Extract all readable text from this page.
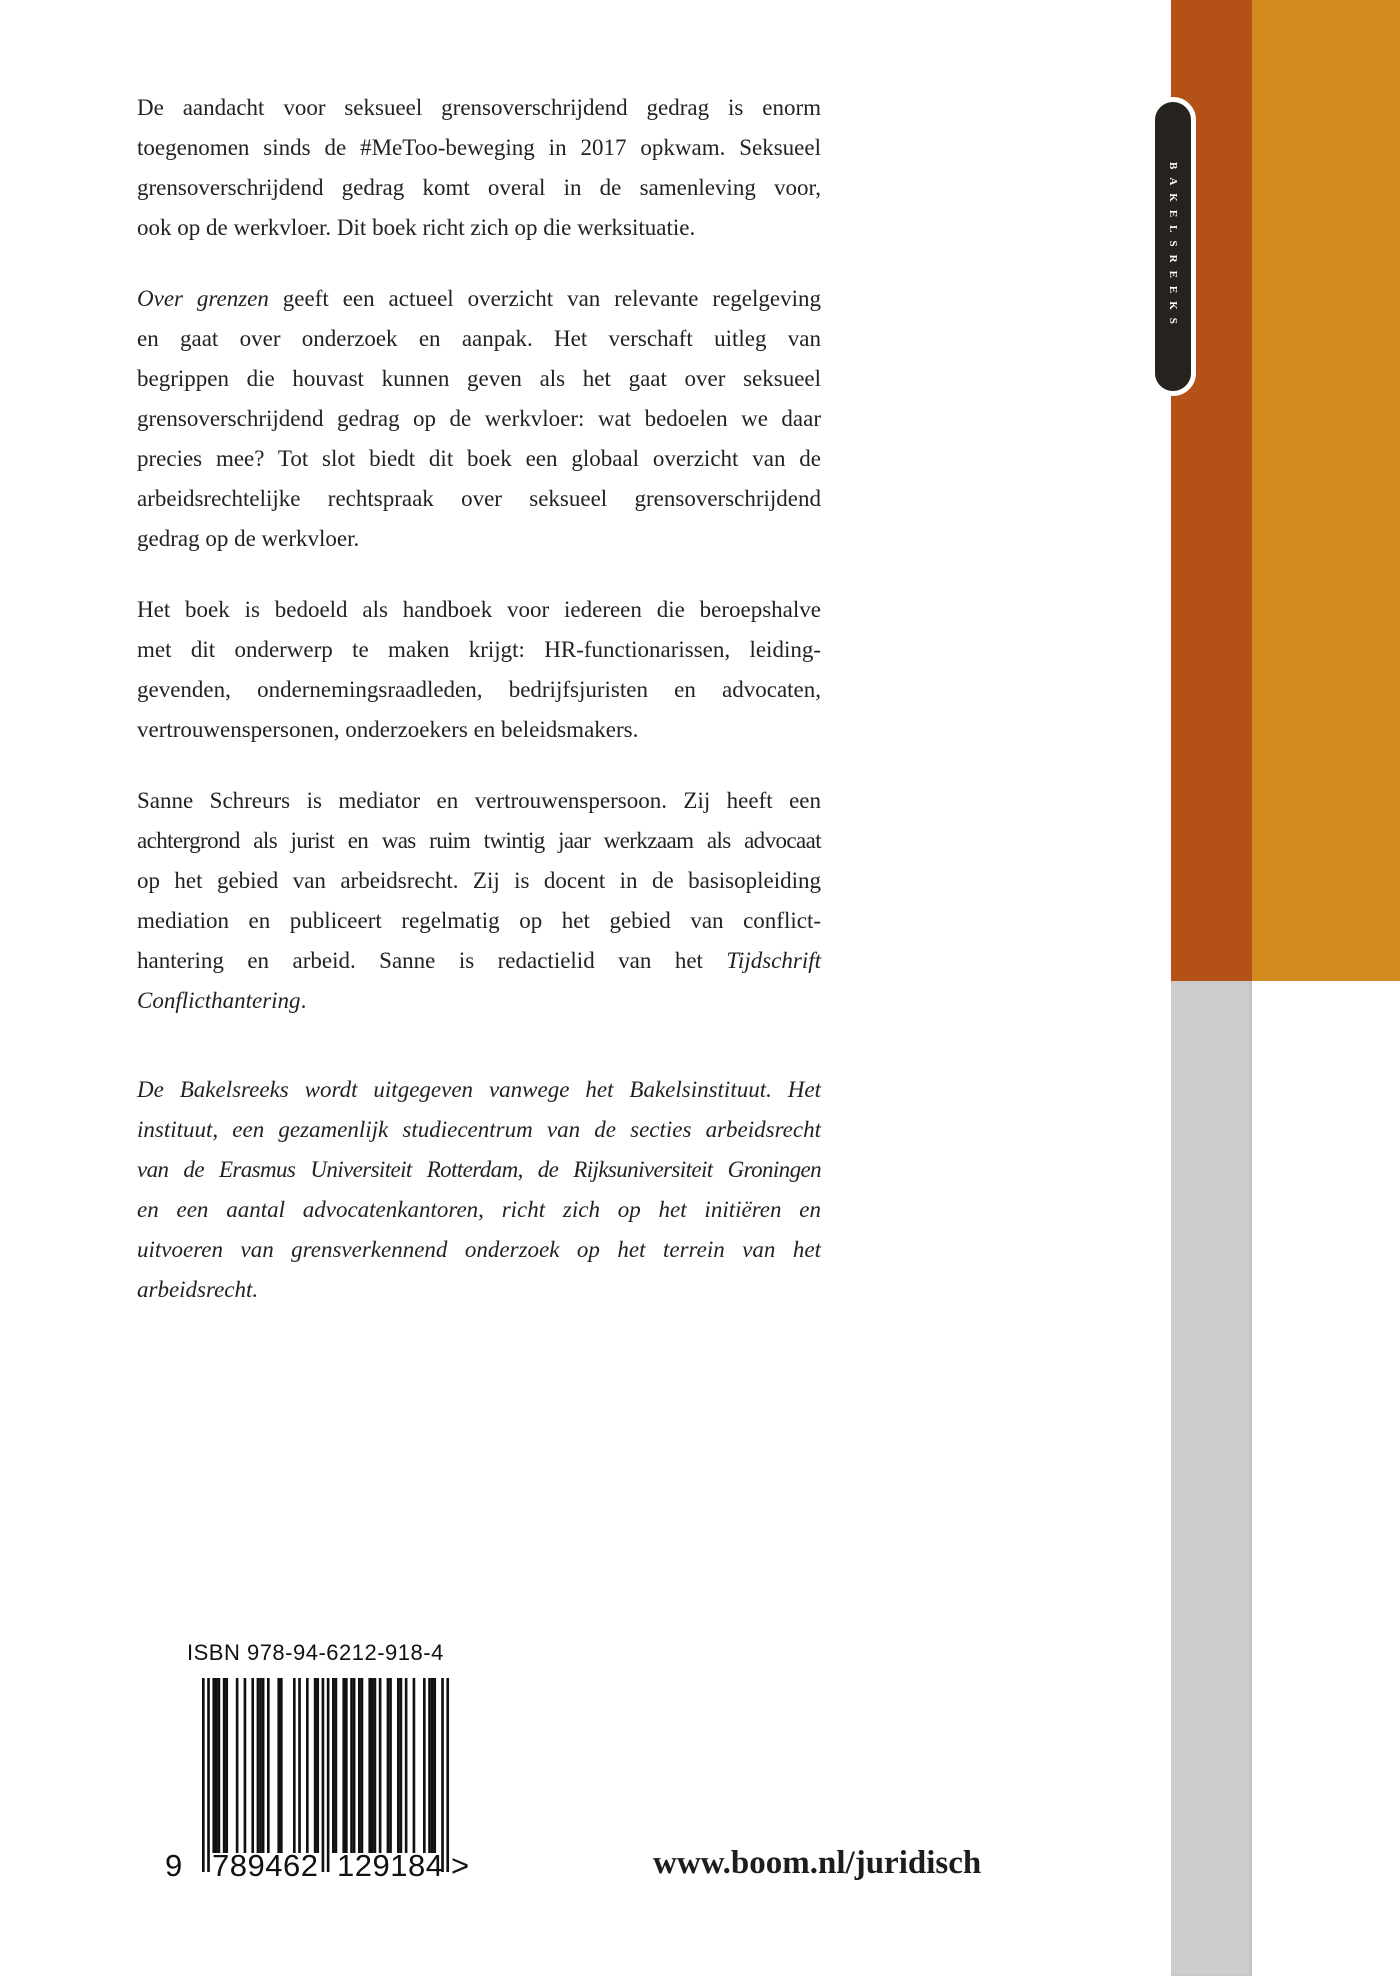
BAKELSREEKS
De aandacht voor seksueel grensoverschrijdend gedrag is enorm
toegenomen sinds de #MeToo-beweging in 2017 opkwam. Seksueel
grensoverschrijdend gedrag komt overal in de samenleving voor,
ook op de werkvloer. Dit boek richt zich op die werksituatie.
Over grenzen geeft een actueel overzicht van relevante regelgeving
en gaat over onderzoek en aanpak. Het verschaft uitleg van
begrippen die houvast kunnen geven als het gaat over seksueel
grensoverschrijdend gedrag op de werkvloer: wat bedoelen we daar
precies mee? Tot slot biedt dit boek een globaal overzicht van de
arbeidsrechtelijke rechtspraak over seksueel grensoverschrijdend
gedrag op de werkvloer.
Het boek is bedoeld als handboek voor iedereen die beroepshalve
met dit onderwerp te maken krijgt: HR-functionarissen, leiding-
gevenden, ondernemingsraadleden, bedrijfsjuristen en advocaten,
vertrouwenspersonen, onderzoekers en beleidsmakers.
Sanne Schreurs is mediator en vertrouwenspersoon. Zij heeft een
achtergrond als jurist en was ruim twintig jaar werkzaam als advocaat
op het gebied van arbeidsrecht. Zij is docent in de basisopleiding
mediation en publiceert regelmatig op het gebied van conflict-
hantering en arbeid. Sanne is redactielid van het Tijdschrift
Conflicthantering.
De Bakelsreeks wordt uitgegeven vanwege het Bakelsinstituut. Het
instituut, een gezamenlijk studiecentrum van de secties arbeidsrecht
van de Erasmus Universiteit Rotterdam, de Rijksuniversiteit Groningen
en een aantal advocatenkantoren, richt zich op het initiëren en
uitvoeren van grensverkennend onderzoek op het terrein van het
arbeidsrecht.
ISBN 978-94-6212-918-4
9 7 8 9 4 6 2 1 2 9 1 8 4 >	www.boom.nl/juridisch
